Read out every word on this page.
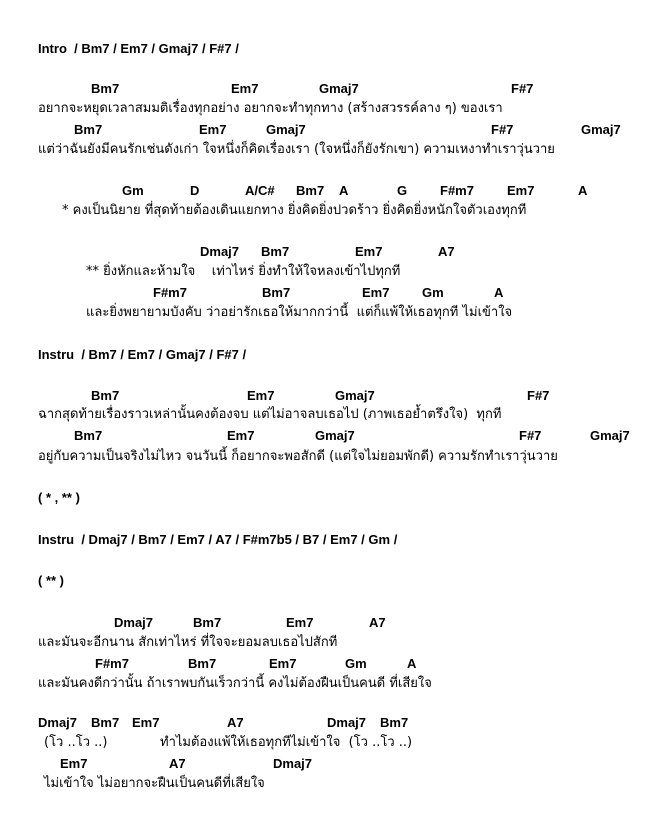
Intro  / Bm7 / Em7 / Gmaj7 / F#7 /
Bm7	Em7	Gmaj7	F#7
อยากจะหยุดเวลาสมมติเรื่องทุกอย่าง อยากจะทำทุกทาง (สร้างสวรรค์ลาง ๆ) ของเรา
Bm7	Em7	Gmaj7	F#7	Gmaj7
แต่ว่าฉันยังมีคนรักเช่นดังเก่า ใจหนึ่งก็คิดเรื่องเรา (ใจหนึ่งก็ยังรักเขา) ความเหงาทำเราวุ่นวาย
Gm	D	A/C# Bm7 A	G	F#m7	Em7	A
* คงเป็นนิยาย ที่สุดท้ายต้องเดินแยกทาง ยิ่งคิดยิ่งปวดร้าว ยิ่งคิดยิ่งหนักใจตัวเองทุกที
Dmaj7 Bm7	Em7	A7
** ยิ่งหักและห้ามใจ    เท่าไหร่ ยิ่งทำให้ใจหลงเข้าไปทุกที
F#m7	Bm7	Em7	Gm	A
และยิ่งพยายามบังคับ ว่าอย่ารักเธอให้มากกว่านี้  แต่ก็แพ้ให้เธอทุกที ไม่เข้าใจ
Instru  / Bm7 / Em7 / Gmaj7 / F#7 /
Bm7	Em7	Gmaj7	F#7
ฉากสุดท้ายเรื่องราวเหล่านั้นคงต้องจบ แต่ไม่อาจลบเธอไป (ภาพเธอย้ำตรึงใจ)  ทุกที
Bm7	Em7	Gmaj7	F#7	Gmaj7
อยู่กับความเป็นจริงไม่ไหว จนวันนี้ ก็อยากจะพอสักดี (แต่ใจไม่ยอมพักดี) ความรักทำเราวุ่นวาย
( * , ** )
Instru  / Dmaj7 / Bm7 / Em7 / A7 / F#m7b5 / B7 / Em7 / Gm /
( ** )
Dmaj7	Bm7	Em7	A7
และมันจะอีกนาน สักเท่าไหร่ ที่ใจจะยอมลบเธอไปสักที
F#m7	Bm7	Em7	Gm	A
และมันคงดีกว่านั้น ถ้าเราพบกันเร็วกว่านี้ คงไม่ต้องฝืนเป็นคนดี ที่เสียใจ
Dmaj7 Bm7 Em7	A7	Dmaj7 Bm7
(โว ..โว ..)	ทำไมต้องแพ้ให้เธอทุกทีไม่เข้าใจ  (โว ..โว ..)
Em7	A7	Dmaj7
ไม่เข้าใจ ไม่อยากจะฝืนเป็นคนดีที่เสียใจ
